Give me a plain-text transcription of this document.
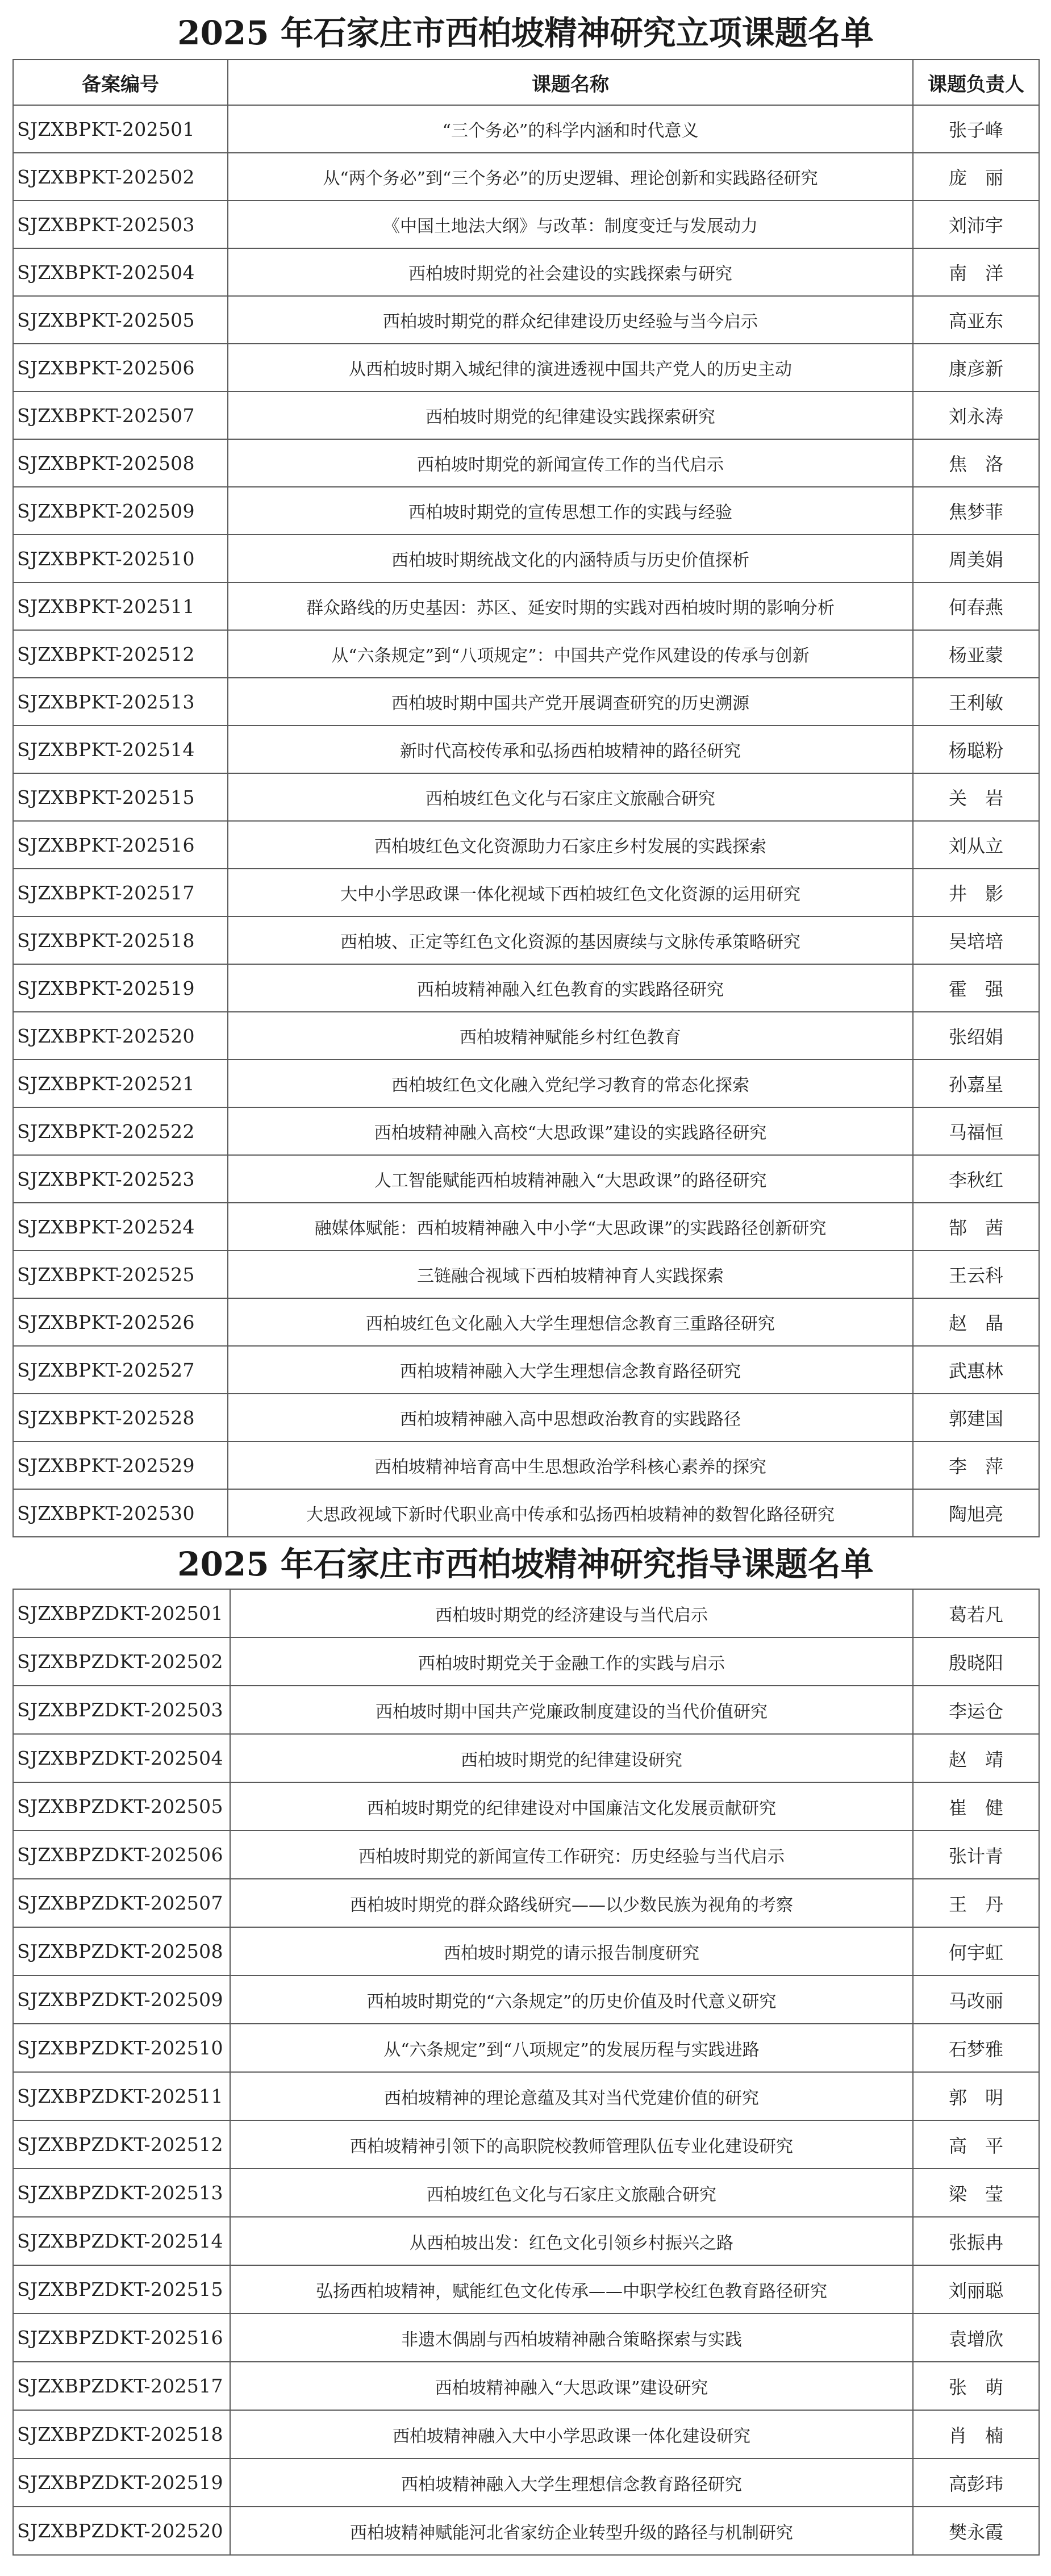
2025 年石家庄市西柏坡精神研究立项课题名单
备案编号	课题名称	课题负责人
SJZXBPKT-202501	“三个务必”的科学内涵和时代意义	张子峰
SJZXBPKT-202502	从“两个务必”到“三个务必”的历史逻辑、理论创新和实践路径研究	庞　丽
SJZXBPKT-202503	《中国土地法大纲》与改革：制度变迁与发展动力	刘沛宇
SJZXBPKT-202504	西柏坡时期党的社会建设的实践探索与研究	南　洋
SJZXBPKT-202505	西柏坡时期党的群众纪律建设历史经验与当今启示	高亚东
SJZXBPKT-202506	从西柏坡时期入城纪律的演进透视中国共产党人的历史主动	康彦新
SJZXBPKT-202507	西柏坡时期党的纪律建设实践探索研究	刘永涛
SJZXBPKT-202508	西柏坡时期党的新闻宣传工作的当代启示	焦　洛
SJZXBPKT-202509	西柏坡时期党的宣传思想工作的实践与经验	焦梦菲
SJZXBPKT-202510	西柏坡时期统战文化的内涵特质与历史价值探析	周美娟
SJZXBPKT-202511	群众路线的历史基因：苏区、延安时期的实践对西柏坡时期的影响分析	何春燕
SJZXBPKT-202512	从“六条规定”到“八项规定”：中国共产党作风建设的传承与创新	杨亚蒙
SJZXBPKT-202513	西柏坡时期中国共产党开展调查研究的历史溯源	王利敏
SJZXBPKT-202514	新时代高校传承和弘扬西柏坡精神的路径研究	杨聪粉
SJZXBPKT-202515	西柏坡红色文化与石家庄文旅融合研究	关　岩
SJZXBPKT-202516	西柏坡红色文化资源助力石家庄乡村发展的实践探索	刘从立
SJZXBPKT-202517	大中小学思政课一体化视域下西柏坡红色文化资源的运用研究	井　影
SJZXBPKT-202518	西柏坡、正定等红色文化资源的基因赓续与文脉传承策略研究	吴培培
SJZXBPKT-202519	西柏坡精神融入红色教育的实践路径研究	霍　强
SJZXBPKT-202520	西柏坡精神赋能乡村红色教育	张绍娟
SJZXBPKT-202521	西柏坡红色文化融入党纪学习教育的常态化探索	孙嘉星
SJZXBPKT-202522	西柏坡精神融入高校“大思政课”建设的实践路径研究	马福恒
SJZXBPKT-202523	人工智能赋能西柏坡精神融入“大思政课”的路径研究	李秋红
SJZXBPKT-202524	融媒体赋能：西柏坡精神融入中小学“大思政课”的实践路径创新研究	郜　茜
SJZXBPKT-202525	三链融合视域下西柏坡精神育人实践探索	王云科
SJZXBPKT-202526	西柏坡红色文化融入大学生理想信念教育三重路径研究	赵　晶
SJZXBPKT-202527	西柏坡精神融入大学生理想信念教育路径研究	武惠林
SJZXBPKT-202528	西柏坡精神融入高中思想政治教育的实践路径	郭建国
SJZXBPKT-202529	西柏坡精神培育高中生思想政治学科核心素养的探究	李　萍
SJZXBPKT-202530	大思政视域下新时代职业高中传承和弘扬西柏坡精神的数智化路径研究	陶旭亮
2025 年石家庄市西柏坡精神研究指导课题名单
SJZXBPZDKT-202501	西柏坡时期党的经济建设与当代启示	葛若凡
SJZXBPZDKT-202502	西柏坡时期党关于金融工作的实践与启示	殷晓阳
SJZXBPZDKT-202503	西柏坡时期中国共产党廉政制度建设的当代价值研究	李运仓
SJZXBPZDKT-202504	西柏坡时期党的纪律建设研究	赵　靖
SJZXBPZDKT-202505	西柏坡时期党的纪律建设对中国廉洁文化发展贡献研究	崔　健
SJZXBPZDKT-202506	西柏坡时期党的新闻宣传工作研究：历史经验与当代启示	张计青
SJZXBPZDKT-202507	西柏坡时期党的群众路线研究——以少数民族为视角的考察	王　丹
SJZXBPZDKT-202508	西柏坡时期党的请示报告制度研究	何宇虹
SJZXBPZDKT-202509	西柏坡时期党的“六条规定”的历史价值及时代意义研究	马改丽
SJZXBPZDKT-202510	从“六条规定”到“八项规定”的发展历程与实践进路	石梦雅
SJZXBPZDKT-202511	西柏坡精神的理论意蕴及其对当代党建价值的研究	郭　明
SJZXBPZDKT-202512	西柏坡精神引领下的高职院校教师管理队伍专业化建设研究	高　平
SJZXBPZDKT-202513	西柏坡红色文化与石家庄文旅融合研究	梁　莹
SJZXBPZDKT-202514	从西柏坡出发：红色文化引领乡村振兴之路	张振冉
SJZXBPZDKT-202515	弘扬西柏坡精神，赋能红色文化传承——中职学校红色教育路径研究	刘丽聪
SJZXBPZDKT-202516	非遗木偶剧与西柏坡精神融合策略探索与实践	袁增欣
SJZXBPZDKT-202517	西柏坡精神融入“大思政课”建设研究	张　萌
SJZXBPZDKT-202518	西柏坡精神融入大中小学思政课一体化建设研究	肖　楠
SJZXBPZDKT-202519	西柏坡精神融入大学生理想信念教育路径研究	高彭玮
SJZXBPZDKT-202520	西柏坡精神赋能河北省家纺企业转型升级的路径与机制研究	樊永霞
